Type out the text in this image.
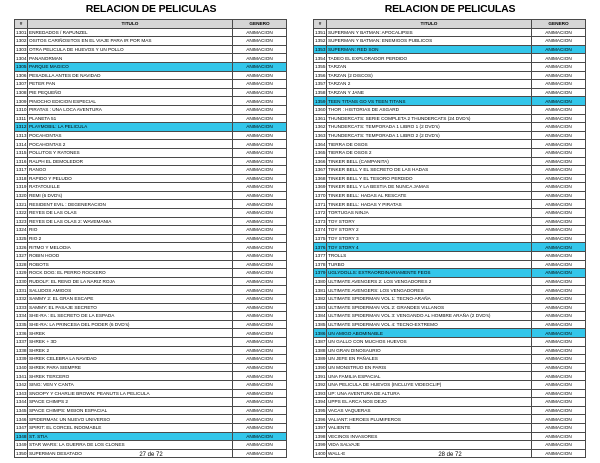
RELACION DE PELICULAS
#	TITULO	GENERO
1301	ENREDADOS / RAPUNZEL	ANIMACION
1302	OSITOS CARIÑOSITOS EN EL VIAJE PARA IR POR MAS	ANIMACION
1303	OTRA PELICULA DE HUEVOS Y UN POLLO	ANIMACION
1304	PANANORMAN	ANIMACION
1305	PARQUE MAGICO	ANIMACION
1306	PESADILLA ANTES DE NAVIDAD	ANIMACION
1307	PETER PAN	ANIMACION
1308	PIE PEQUEÑO	ANIMACION
1309	PINOCHO EDICION ESPECIAL	ANIMACION
1310	PIRATAS : UNA LOCA AVENTURA	ANIMACION
1311	PLANETA 51	ANIMACION
1312	PLAYMOBIL: LA PELICULA	ANIMACION
1313	POCAHONTAS	ANIMACION
1314	POCAHONTAS 2	ANIMACION
1315	POLLITOS Y RATONES	ANIMACION
1316	RALPH EL DEMOLEDOR	ANIMACION
1317	RANGO	ANIMACION
1318	RAPIDO Y PELUDO	ANIMACION
1319	RATATOUILLE	ANIMACION
1320	REMI (6 DVD's)	ANIMACION
1321	RESIDENT EVIL : DEGENERACION	ANIMACION
1322	REYES DE LAS OLAS	ANIMACION
1323	REYES DE LAS OLAS 2: WAVEMANIA	ANIMACION
1324	RIO	ANIMACION
1325	RIO 2	ANIMACION
1326	RITMO Y MELODIA	ANIMACION
1327	ROBIN HOOD	ANIMACION
1328	ROBOTS	ANIMACION
1329	ROCK DOG: EL PERRO ROCKERO	ANIMACION
1330	RUDOLF: EL RENO DE LA NARIZ ROJA	ANIMACION
1331	SALUDOS AMIGOS	ANIMACION
1332	SAMMY 2: EL GRAN ESCAPE	ANIMACION
1333	SAMMY: EL PASAJE SECRETO	ANIMACION
1334	SHE-RA : EL SECRETO DE LA ESPADA	ANIMACION
1335	SHE-RA: LA PRINCESA DEL PODER (6 DVD's)	ANIMACION
1336	SHREK	ANIMACION
1337	SHREK + 3D	ANIMACION
1338	SHREK 2	ANIMACION
1339	SHREK CELEBRA LA NAVIDAD	ANIMACION
1340	SHREK PARA SIEMPRE	ANIMACION
1341	SHREK TERCERO	ANIMACION
1342	SING: VEN Y CANTA	ANIMACION
1343	SNOOPY Y CHARLIE BROWN: PEANUTS LA PELICULA	ANIMACION
1344	SPACE CHIMPS 2	ANIMACION
1345	SPACE CHIMPS: MISION ESPACIAL	ANIMACION
1346	SPIDERMAN: UN NUEVO UNIVERSO	ANIMACION
1347	SPIRIT: EL CORCEL INDOMABLE	ANIMACION
1348	ST. STIA	ANIMACION
1349	STAR WARS: LA GUERRA DE LOS CLONES	ANIMACION
1350	SUPERMAN DESATADO	ANIMACION
27 de 72
RELACION DE PELICULAS
#	TITULO	GENERO
1351	SUPERMAN Y BATMAN: APOCALIPSIS	ANIMACION
1352	SUPERMAN Y BATMAN: ENEMIGOS PUBLICOS	ANIMACION
1353	SUPERMAN: RED SON	ANIMACION
1354	TADEO EL EXPLORADOR PERDIDO	ANIMACION
1355	TARZAN	ANIMACION
1356	TARZAN (2 DISCOS)	ANIMACION
1357	TARZAN 2	ANIMACION
1358	TARZAN Y JANE	ANIMACION
1359	TEEN TITANS GO VS TEEN TITANS	ANIMACION
1360	THOR : HISTORIAS DE ASGARD	ANIMACION
1361	THUNDERCATS: SERIE COMPLETA 2 THUNDERCATS (24 DVD's)	ANIMACION
1362	THUNDERCATS: TEMPORADA 1 LIBRO 1 (2 DVD's)	ANIMACION
1363	THUNDERCATS: TEMPORADA 1 LIBRO 2 (2 DVD's)	ANIMACION
1364	TIERRA DE OSOS	ANIMACION
1365	TIERRA DE OSOS 2	ANIMACION
1366	TINKER BELL (CAMPANITA)	ANIMACION
1367	TINKER BELL Y EL SECRETO DE LAS HADAS	ANIMACION
1368	TINKER BELL Y EL TESORO PERDIDO	ANIMACION
1369	TINKER BELL Y LA BESTIA DE NUNCA JAMAS	ANIMACION
1370	TINKER BELL: HADAS AL RESCATE	ANIMACION
1371	TINKER BELL: HADAS Y PIRATAS	ANIMACION
1372	TORTUGAS NINJA	ANIMACION
1373	TOY STORY	ANIMACION
1374	TOY STORY 2	ANIMACION
1375	TOY STORY 3	ANIMACION
1376	TOY STORY 4	ANIMACION
1377	TROLLS	ANIMACION
1378	TURBO	ANIMACION
1379	UGLYDOLLS: EXTRAORDINARIAMENTE FEOS	ANIMACION
1380	ULTIMATE AVENGERS 2: LOS VENGADORES 2	ANIMACION
1381	ULTIMATE AVENGERS: LOS VENGADORES	ANIMACION
1382	ULTIMATE SPIDERMAN VOL 1: TECNO-ARAÑA	ANIMACION
1383	ULTIMATE SPIDERMAN VOL 2: GRANDES VILLANOS	ANIMACION
1384	ULTIMATE SPIDERMAN VOL 3: VENGANDO AL HOMBRE ARAÑA (2 DVD's)	ANIMACION
1385	ULTIMATE SPIDERMAN VOL 4: TECNO-EXTREMO	ANIMACION
1386	UN AMIGO ABOMINABLE	ANIMACION
1387	UN GALLO CON MUCHOS HUEVOS	ANIMACION
1388	UN GRAN DINOSAURIO	ANIMACION
1389	UN JEFE EN PAÑALES	ANIMACION
1390	UN MONSTRUO EN PARIS	ANIMACION
1391	UNA FAMILIA ESPACIAL	ANIMACION
1392	UNA PELICULA DE HUEVOS (INCLUYE VIDEOCLIP)	ANIMACION
1393	UP: UNA AVENTURA DE ALTURA	ANIMACION
1394	UPPS EL ARCA NOS DEJO	ANIMACION
1395	VACAS VAQUERAS	ANIMACION
1396	VALIANT: HEROES PLUMIFEROS	ANIMACION
1397	VALIENTE	ANIMACION
1398	VECINOS INVASORES	ANIMACION
1399	VIDA SALVAJE	ANIMACION
1400	WALL-E	ANIMACION
28 de 72
